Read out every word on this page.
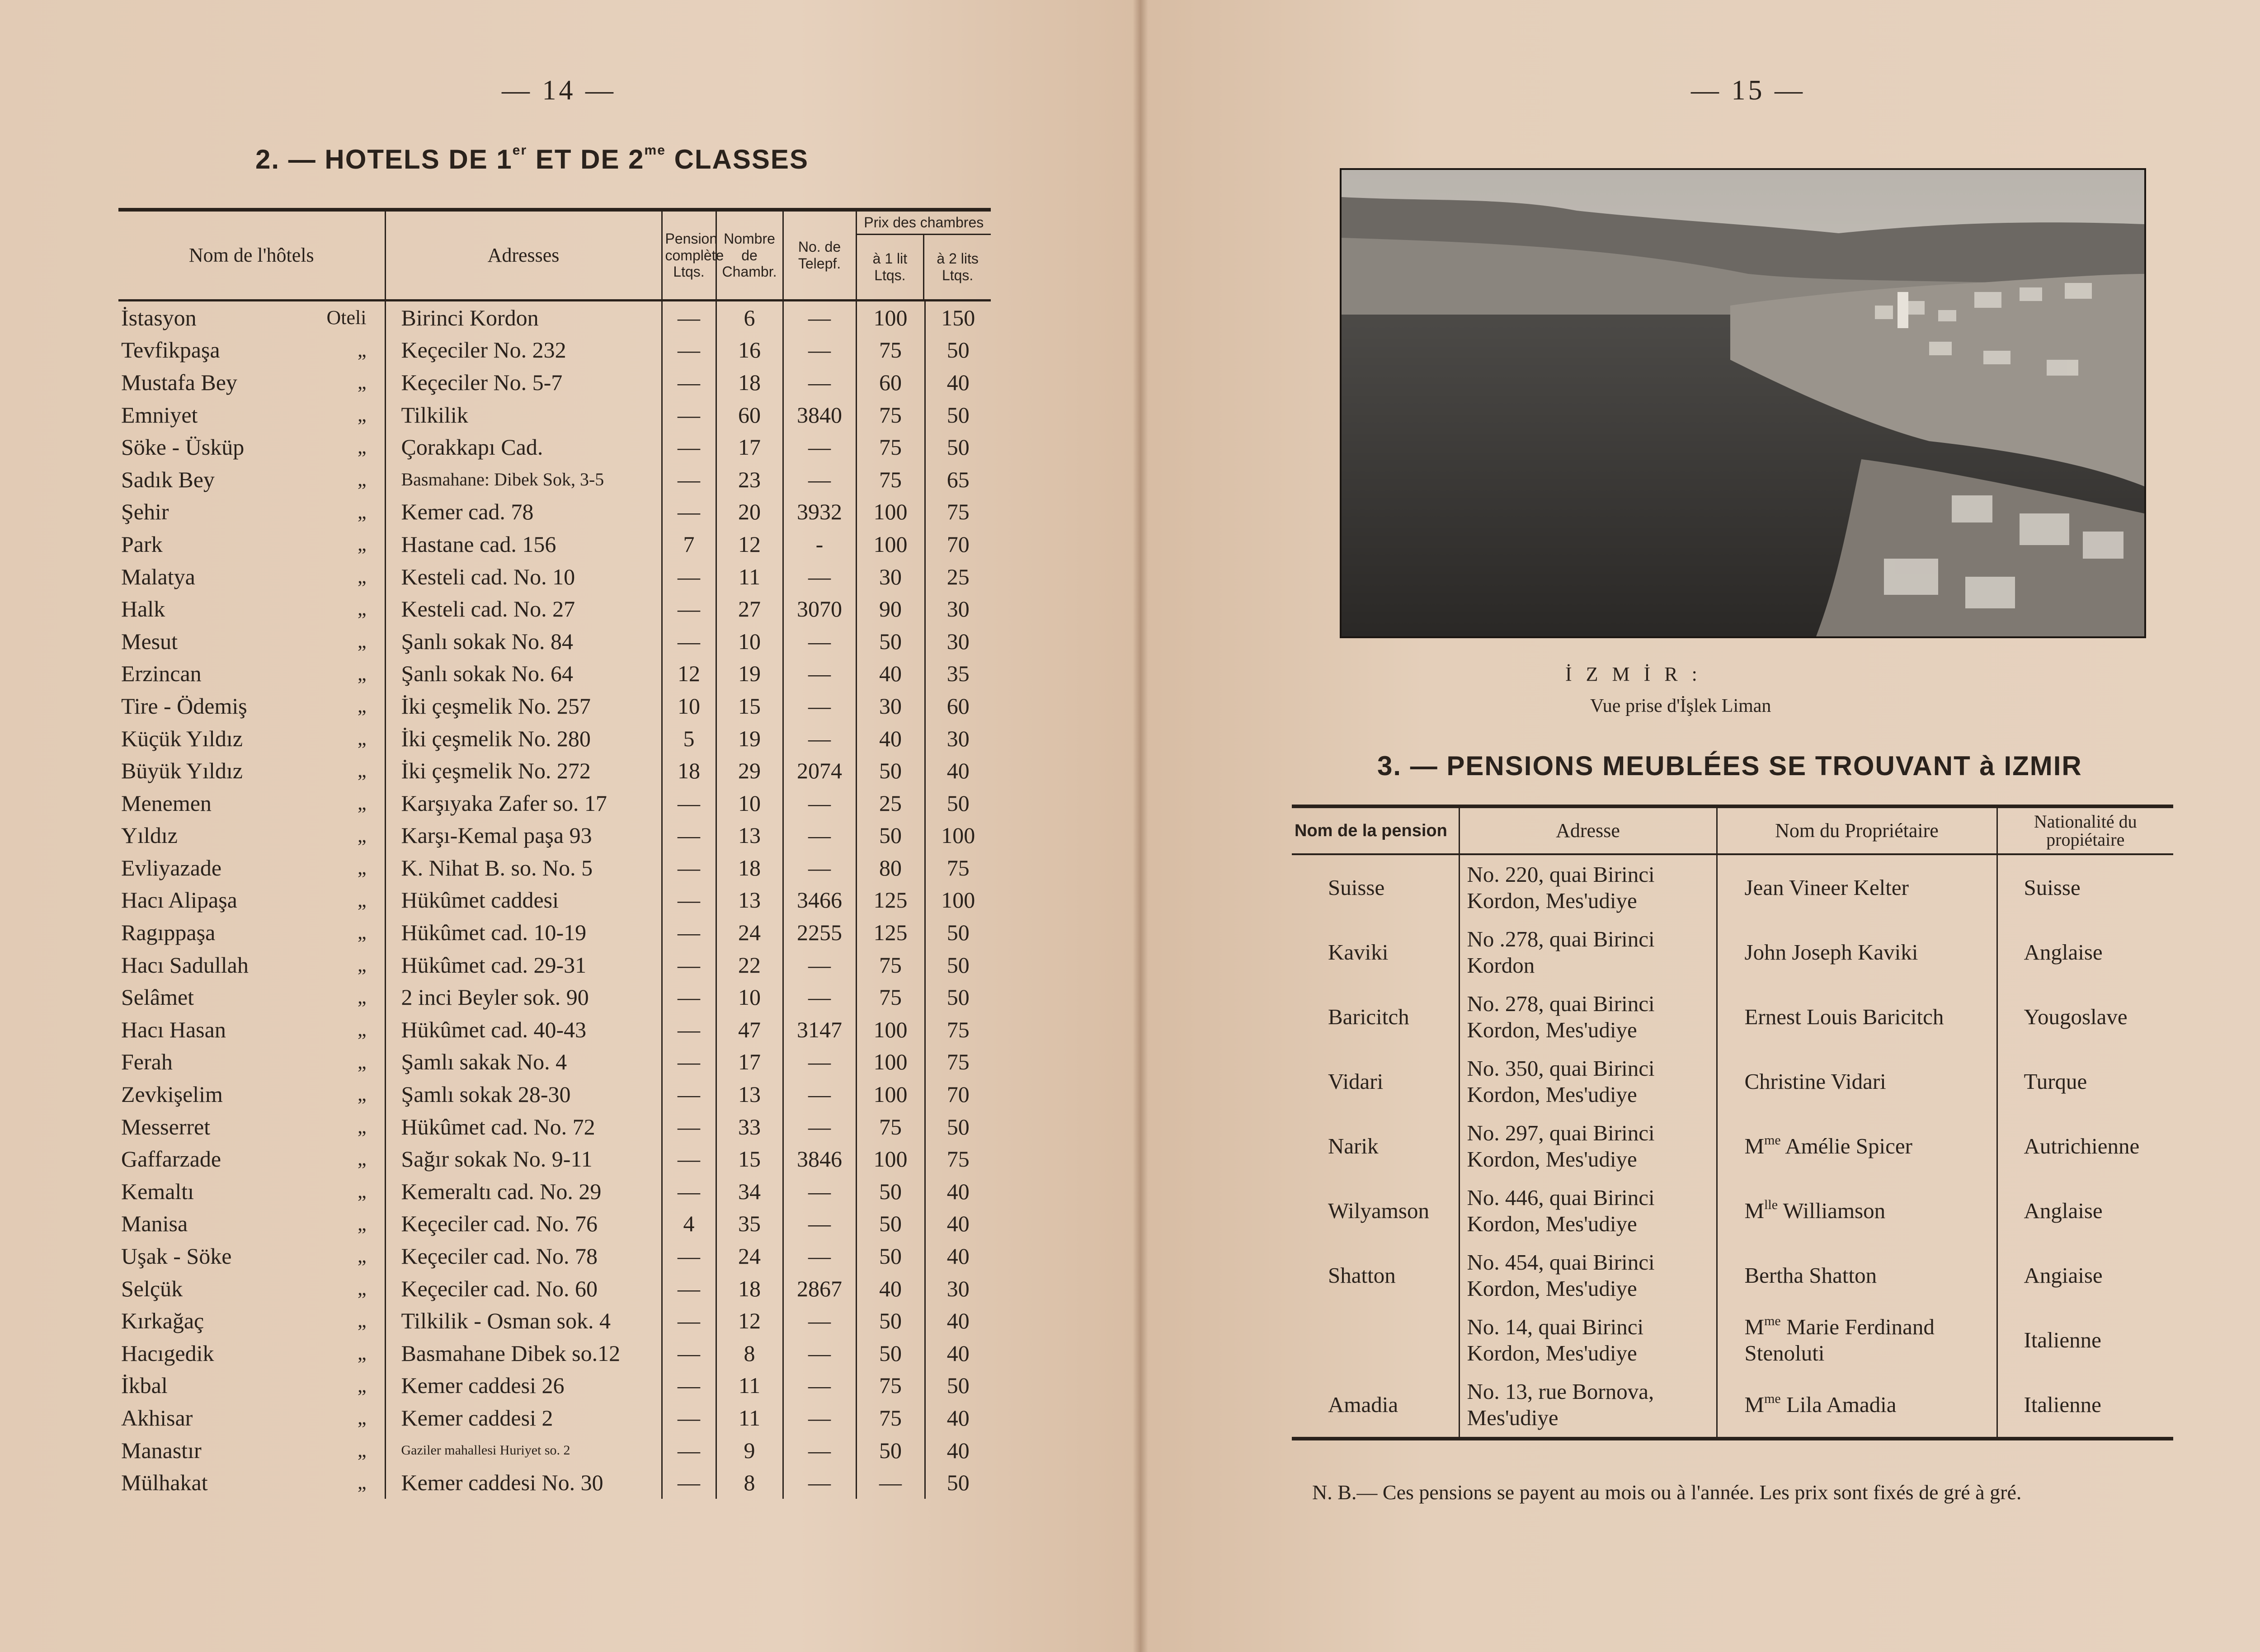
— 14 —
2. — HOTELS DE 1er ET DE $2^{me}$ CLASSES
Nom de l'hôtels	Adresses	Pension complète Ltqs.	Nombre de Chambr.	No. de Telepf.	Prix des chambres
à 1 lit Ltqs.
à 2 lits Ltqs.	

İstasyon Oteli	Birinci Kordon	—	6	—	100	150
Tevfikpaşa „	Keçeciler No. 232	—	16	—	75	50
Mustafa Bey „	Keçeciler No. 5-7	—	18	—	60	40
Emniyet „	Tilkilik	—	60	3840	75	50
Söke - Üsküp „	Çorakkapı Cad.	—	17	—	75	50
Sadık Bey „	Basmahane: Dibek Sok, 3-5	—	23	—	75	65
Şehir „	Kemer cad. 78	—	20	3932	100	75
Park „	Hastane cad. 156	7	12	-	100	70
Malatya „	Kesteli cad. No. 10	—	11	—	30	25
Halk „	Kesteli cad. No. 27	—	27	3070	90	30
Mesut „	Şanlı sokak No. 84	—	10	—	50	30
Erzincan „	Şanlı sokak No. 64	12	19	—	40	35
Tire - Ödemiş „	İki çeşmelik No. 257	10	15	—	30	60
Küçük Yıldız „	İki çeşmelik No. 280	5	19	—	40	30
Büyük Yıldız „	İki çeşmelik No. 272	18	29	2074	50	40
Menemen „	Karşıyaka Zafer so. 17	—	10	—	25	50
Yıldız „	Karşı-Kemal paşa 93	—	13	—	50	100
Evliyazade „	K. Nihat B. so. No. 5	—	18	—	80	75
Hacı Alipaşa „	Hükûmet caddesi	—	13	3466	125	100
Ragıppaşa „	Hükûmet cad. 10-19	—	24	2255	125	50
Hacı Sadullah „	Hükûmet cad. 29-31	—	22	—	75	50
Selâmet „	2 inci Beyler sok. 90	—	10	—	75	50
Hacı Hasan „	Hükûmet cad. 40-43	—	47	3147	100	75
Ferah „	Şamlı sakak No. 4	—	17	—	100	75
Zevkişelim „	Şamlı sokak 28-30	—	13	—	100	70
Messerret „	Hükûmet cad. No. 72	—	33	—	75	50
Gaffarzade „	Sağır sokak No. 9-11	—	15	3846	100	75
Kemaltı „	Kemeraltı cad. No. 29	—	34	—	50	40
Manisa „	Keçeciler cad. No. 76	4	35	—	50	40
Uşak - Söke „	Keçeciler cad. No. 78	—	24	—	50	40
Selçük „	Keçeciler cad. No. 60	—	18	2867	40	30
Kırkağaç „	Tilkilik - Osman sok. 4	—	12	—	50	40
Hacıgedik „	Basmahane Dibek so.12	—	8	—	50	40
İkbal „	Kemer caddesi 26	—	11	—	75	50
Akhisar „	Kemer caddesi 2	—	11	—	75	40
Manastır „	Gaziler mahallesi Huriyet so. 2	—	9	—	50	40
Mülhakat „	Kemer caddesi No. 30	—	8	—	—	50
— 15 —
İ Z M İ R :
Vue prise d'İşlek Liman
3. — PENSIONS MEUBLÉES SE TROUVANT à IZMIR
Nom de la pension	Adresse	Nom du Propriétaire	Nationalité du propiétaire
Suisse	No. 220, quai Birinci Kordon, Mes'udiye	Jean Vineer Kelter	Suisse
Kaviki	No .278, quai Birinci Kordon	John Joseph Kaviki	Anglaise
Baricitch	No. 278, quai Birinci Kordon, Mes'udiye	Ernest Louis Baricitch	Yougoslave
Vidari	No. 350, quai Birinci Kordon, Mes'udiye	Christine Vidari	Turque
Narik	No. 297, quai Birinci Kordon, Mes'udiye	$M^{me}$ Amélie Spicer	Autrichienne
Wilyamson	No. 446, quai Birinci Kordon, Mes'udiye	$M^{lle}$ Williamson	Anglaise
Shatton	No. 454, quai Birinci Kordon, Mes'udiye	Bertha Shatton	Angiaise
	No. 14, quai Birinci Kordon, Mes'udiye	$M^{me}$ Marie Ferdinand Stenoluti	Italienne
Amadia	No. 13, rue Bornova, Mes'udiye	$M^{me}$ Lila Amadia	Italienne
N. B.— Ces pensions se payent au mois ou à l'année. Les prix sont fixés de gré à gré.
